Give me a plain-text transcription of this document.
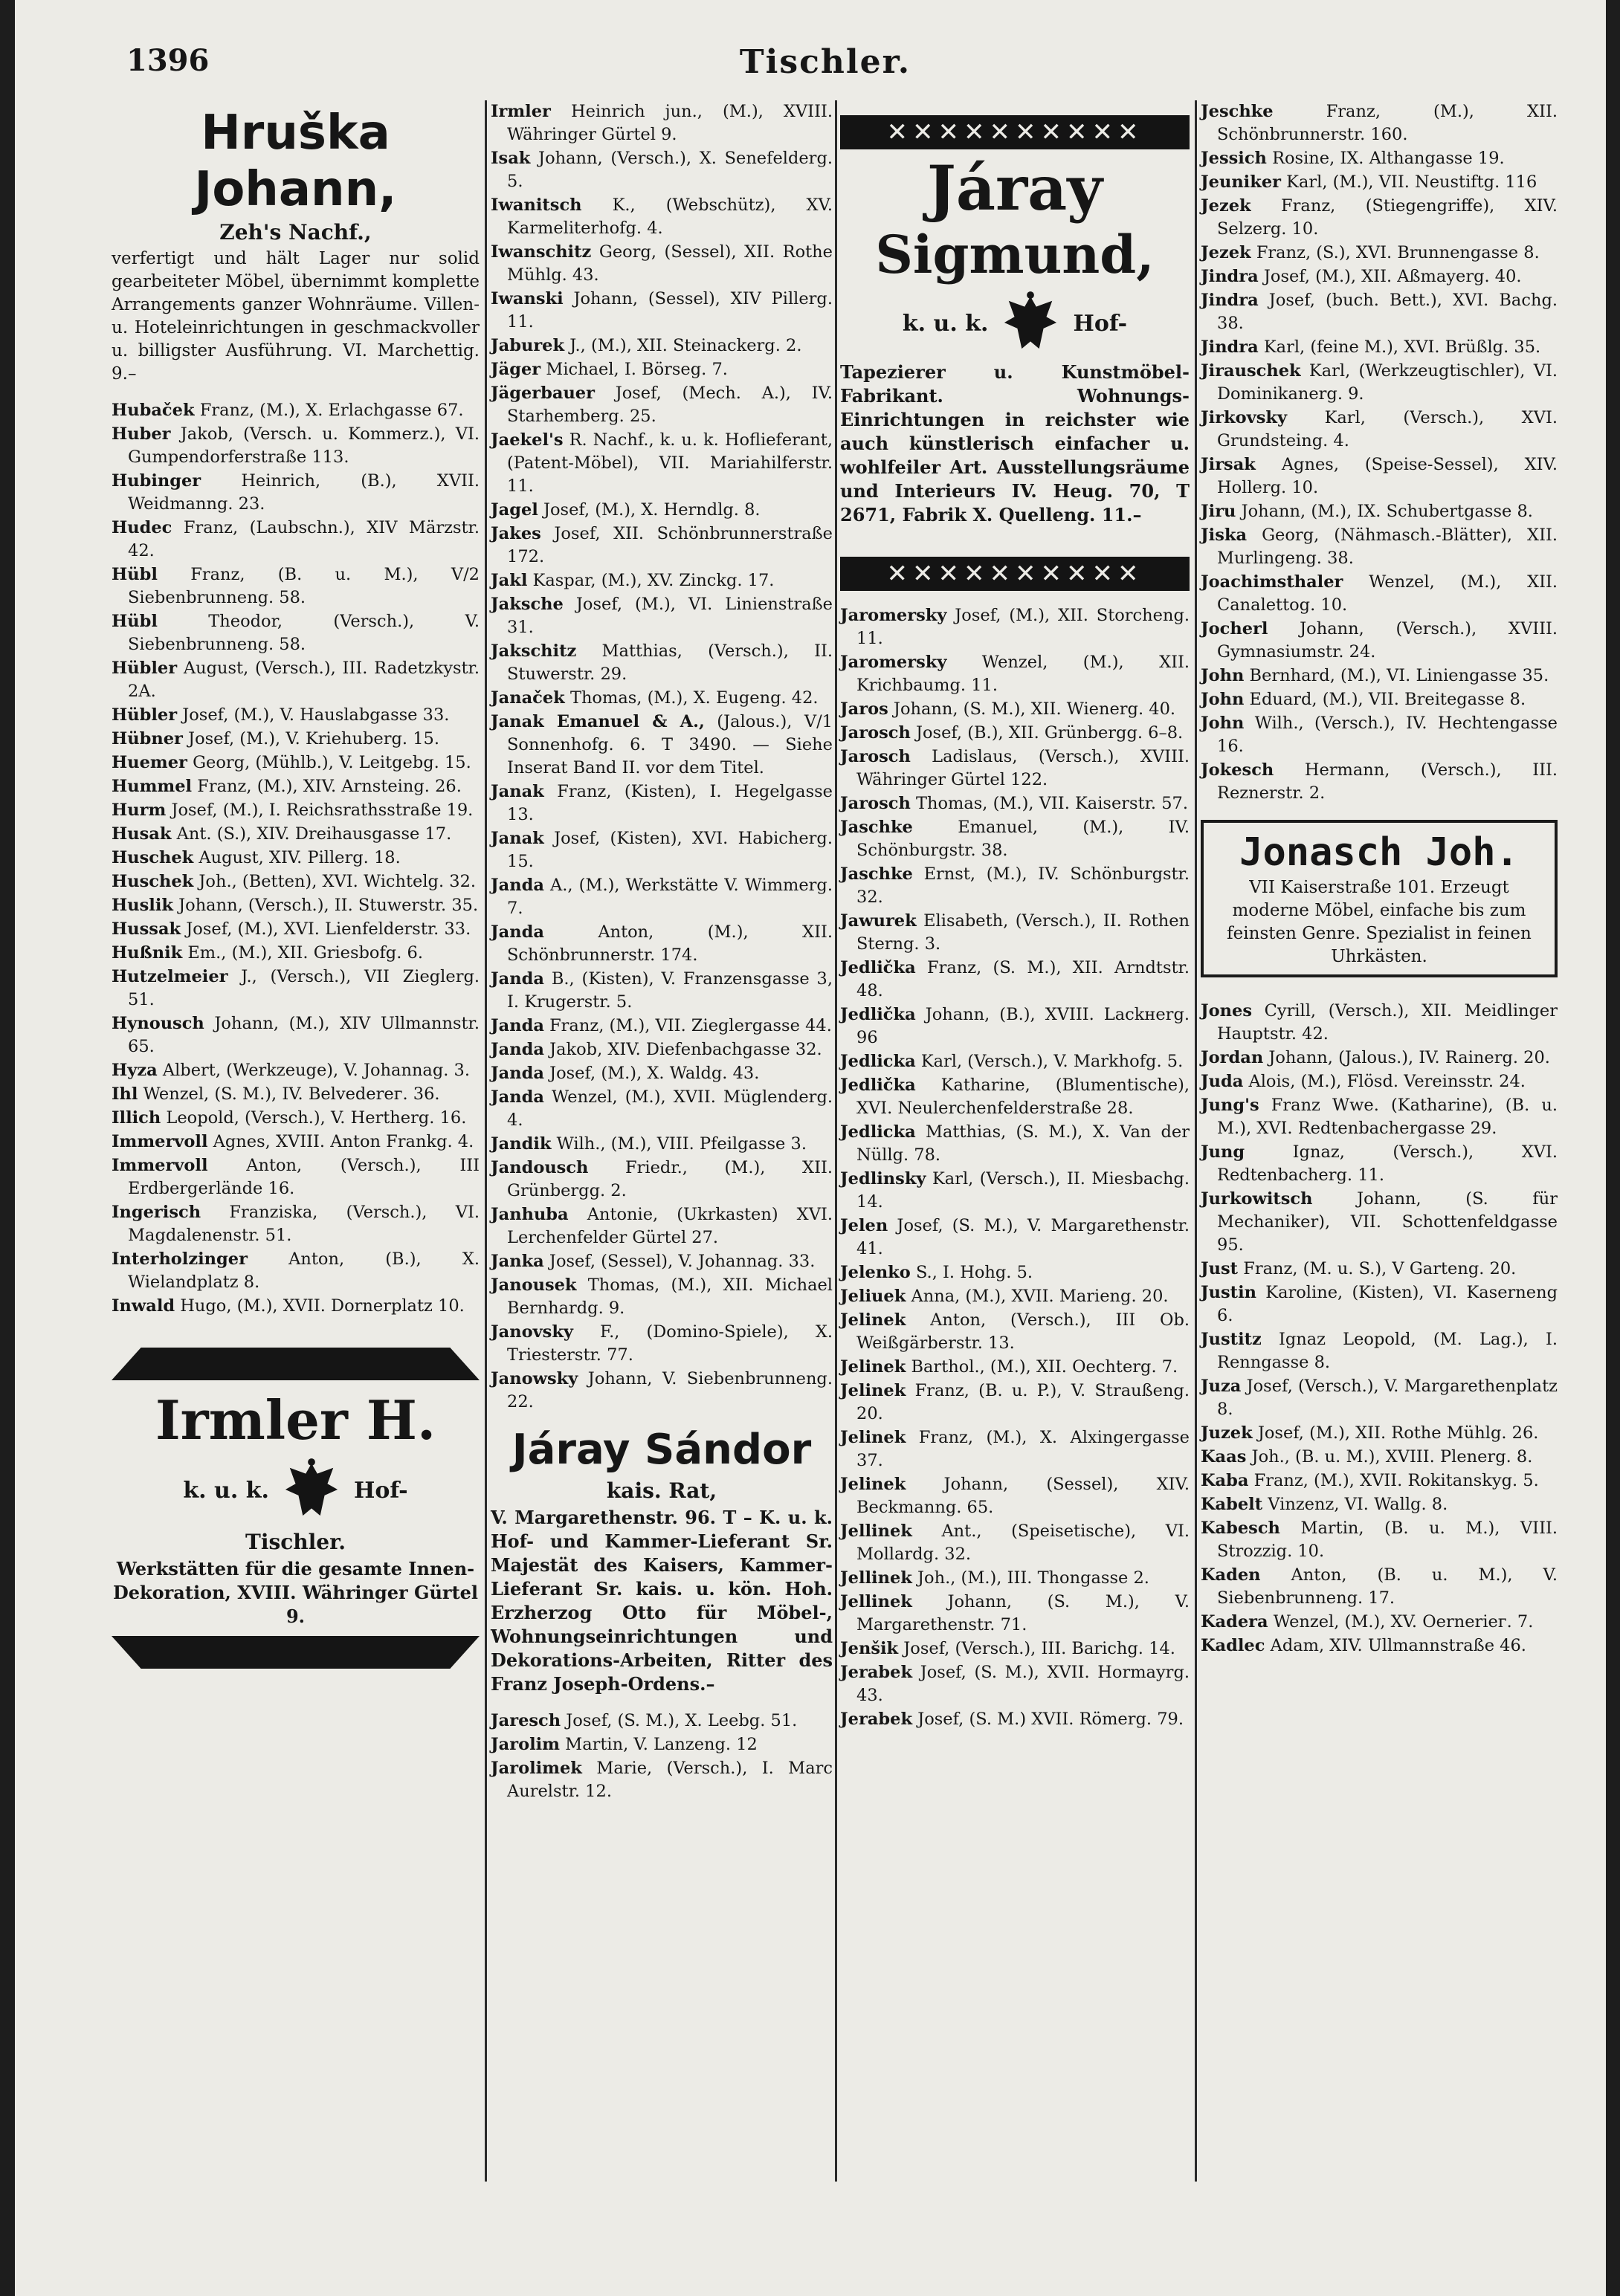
1396	Tischler.
Hruška Johann,
Zeh's Nachf.,
verfertigt und hält Lager nur solid gearbeiteter Möbel, übernimmt komplette Arrangements ganzer Wohnräume. Villen- u. Hoteleinrichtungen in geschmackvoller u. billigster Ausführung. VI. Marchettig. 9.–
Hubaček Franz, (M.), X. Erlachgasse 67.
Huber Jakob, (Versch. u. Kommerz.), VI. Gumpendorferstraße 113.
Hubinger Heinrich, (B.), XVII. Weidmanng. 23.
Hudec Franz, (Laubschn.), XIV Märzstr. 42.
Hübl Franz, (B. u. M.), V/2 Siebenbrunneng. 58.
Hübl	Theodor, (Versch.), V. Siebenbrunneng. 58.
Hübler August, (Versch.), III. Radetzkystr. 2A.
Hübler Josef, (M.), V. Hauslabgasse 33.
Hübner Josef, (M.), V. Kriehuberg. 15.
Huemer Georg, (Mühlb.), V. Leitgebg. 15.
Hummel Franz, (M.), XIV. Arnsteing. 26.
Hurm Josef, (M.), I. Reichsrathsstraße 19.
Husak Ant. (S.), XIV. Dreihausgasse 17.
Huschek August, XIV. Pillerg. 18.
Huschek Joh., (Betten), XVI. Wichtelg. 32.
Huslik Johann, (Versch.), II. Stuwerstr. 35.
Hussak Josef, (M.), XVI. Lienfelderstr. 33.
Hußnik Em., (M.), XII. Griesbofg. 6.
Hutzelmeier J., (Versch.), VII Zieglerg. 51.
Hynousch Johann, (M.), XIV Ullmannstr. 65.
Hyza Albert, (Werkzeuge), V. Johannag. 3.
Ihl Wenzel, (S. M.), IV. Belvederег. 36.
Illich Leopold, (Versch.), V. Hertherg. 16.
Immervoll Agnes, XVIII. Anton Frankg. 4.
Immervoll Anton, (Versch.), III Erdbergerlände 16.
Ingerisch Franziska, (Versch.), VI. Magdalenenstr. 51.
Interholzinger Anton, (B.), X. Wielandplatz 8.
Inwald Hugo, (M.), XVII. Dornerplatz 10.
Irmler H.
k. u. k.	Hof-
Tischler.
Werkstätten für die gesamte Innen-Dekoration, XVIII. Währinger Gürtel 9.
Irmler Heinrich jun., (M.), XVIII. Währinger Gürtel 9.
Isak Johann, (Versch.), X. Senefelderg. 5.
Iwanitsch K., (Webschütz), XV. Karmeliterhofg. 4.
Iwanschitz Georg, (Sessel), XII. Rothe Mühlg. 43.
Iwanski Johann, (Sessel), XIV Pillerg. 11.
Jaburek J., (M.), XII. Steinackerg. 2.
Jäger Michael, I. Börseg. 7.
Jägerbauer Josef, (Mech. A.), IV. Starhemberg. 25.
Jaekel's R. Nachf., k. u. k. Hoflieferant, (Patent-Möbel), VII. Mariahilferstr. 11.
Jagel Josef, (M.), X. Herndlg. 8.
Jakes Josef, XII. Schönbrunnerstraße 172.
Jakl Kaspar, (M.), XV. Zinckg. 17.
Jaksche Josef, (M.), VI. Linienstraße 31.
Jakschitz Matthias, (Versch.), II. Stuwerstr. 29.
Janaček Thomas, (M.), X. Eugeng. 42.
Janak Emanuel & A., (Jalous.), V/1 Sonnenhofg. 6. T 3490. — Siehe Inserat Band II. vor dem Titel.
Janak Franz, (Kisten), I. Hegelgasse 13.
Janak Josef, (Kisten), XVI. Habicherg. 15.
Janda A., (M.), Werkstätte V. Wimmerg. 7.
Janda	Anton, (M.), XII. Schönbrunnerstr. 174.
Janda B., (Kisten), V. Franzensgasse 3, I. Krugerstr. 5.
Janda Franz, (M.), VII. Zieglergasse 44.
Janda Jakob, XIV. Diefenbachgasse 32.
Janda Josef, (M.), X. Waldg. 43.
Janda Wenzel, (M.), XVII. Müglenderg. 4.
Jandik Wilh., (M.), VIII. Pfeilgasse 3.
Jandousch Friedr., (M.), XII. Grünbergg. 2.
Janhuba Antonie, (Ukrkasten) XVI. Lerchenfelder Gürtel 27.
Janka Josef, (Sessel), V. Johannag. 33.
Janousek Thomas, (M.), XII. Michael Bernhardg. 9.
Janovsky F., (Domino-Spiele), X. Triesterstr. 77.
Janowsky Johann, V. Siebenbrunneng. 22.
Járay Sándor
kais. Rat,
V. Margarethenstr. 96. T – K. u. k. Hof- und Kammer-Lieferant Sr. Majestät des Kaisers, Kammer-Lieferant Sr. kais. u. kön. Hoh. Erzherzog Otto für Möbel-, Wohnungseinrichtungen und Dekorations-Arbeiten, Ritter des Franz Joseph-Ordens.–
Jaresch Josef, (S. M.), X. Leebg. 51.
Jarolim Martin, V. Lanzeng. 12
Jarolimek Marie, (Versch.), I. Marc Aurelstr. 12.
✕✕✕✕✕✕✕✕✕✕
Járay
Sigmund,
k. u. k.	Hof-
Tapezierer u. Kunstmöbel-Fabrikant. Wohnungs-Einrichtungen in reichster wie auch künstlerisch einfacher u. wohlfeiler Art. Ausstellungsräume und Interieurs IV. Heug. 70, T 2671, Fabrik X. Quelleng. 11.–
✕✕✕✕✕✕✕✕✕✕
Jaromersky Josef, (M.), XII. Storcheng. 11.
Jaromersky Wenzel, (M.), XII. Krichbaumg. 11.
Jaros Johann, (S. M.), XII. Wienerg. 40.
Jarosch Josef, (B.), XII. Grünbergg. 6–8.
Jarosch Ladislaus, (Versch.), XVIII. Währinger Gürtel 122.
Jarosch Thomas, (M.), VII. Kaiserstr. 57.
Jaschke	Emanuel, (M.), IV. Schönburgstr. 38.
Jaschke Ernst, (M.), IV. Schönburgstr. 32.
Jawurek Elisabeth, (Versch.), II. Rothen Sterng. 3.
Jedlička Franz, (S. M.), XII. Arndtstr. 48.
Jedlička Johann, (B.), XVIII. Lackнerg. 96
Jedlicka Karl, (Versch.), V. Markhofg. 5.
Jedlička Katharine, (Blumentische), XVI. Neulerchenfelderstraße 28.
Jedlicka Matthias, (S. M.), X. Van der Nüllg. 78.
Jedlinsky Karl, (Versch.), II. Miesbachg. 14.
Jelen Josef, (S. M.), V. Margarethenstr. 41.
Jelenko S., I. Hohg. 5.
Jeliuek Anna, (M.), XVII. Marieng. 20.
Jelinek Anton, (Versch.), III Ob. Weißgärberstr. 13.
Jelinek Barthol., (M.), XII. Oechterg. 7.
Jelinek Franz, (B. u. P.), V. Straußeng. 20.
Jelinek Franz, (M.), X. Alxingergasse 37.
Jelinek Johann, (Sessel), XIV. Beckmanng. 65.
Jellinek Ant., (Speisetische), VI. Mollardg. 32.
Jellinek Joh., (M.), III. Thongasse 2.
Jellinek Johann, (S. M.), V. Margarethenstr. 71.
Jenšik Josef, (Versch.), III. Barichg. 14.
Jerabek Josef, (S. M.), XVII. Hormayrg. 43.
Jerabek Josef, (S. M.) XVII. Römerg. 79.
Jeschke	Franz, (M.), XII. Schönbrunnerstr. 160.
Jessich Rosine, IX. Althangasse 19.
Jeuniker Karl, (M.), VII. Neustiftg. 116
Jezek Franz, (Stiegengriffe), XIV. Selzerg. 10.
Jezek Franz, (S.), XVI. Brunnengasse 8.
Jindra Josef, (M.), XII. Aßmayerg. 40.
Jindra Josef, (buch. Bett.), XVI. Bachg. 38.
Jindra Karl, (feine M.), XVI. Brüßlg. 35.
Jirauschek Karl, (Werkzeugtischler), VI. Dominikanerg. 9.
Jirkovsky Karl, (Versch.), XVI. Grundsteing. 4.
Jirsak Agnes, (Speise-Sessel), XIV. Hollerg. 10.
Jiru Johann, (M.), IX. Schubertgasse 8.
Jiska Georg, (Nähmasch.-Blätter), XII. Murlingeng. 38.
Joachimsthaler Wenzel, (M.), XII. Canalettog. 10.
Jocherl Johann, (Versch.), XVIII. Gymnasiumstr. 24.
John Bernhard, (M.), VI. Liniengasse 35.
John Eduard, (M.), VII. Breitegasse 8.
John Wilh., (Versch.), IV. Hechtengasse 16.
Jokesch Hermann, (Versch.), III. Reznerstr. 2.
Jonasch Joh.
VII Kaiserstraße 101. Erzeugt moderne Möbel, einfache bis zum feinsten Genre. Spezialist in feinen Uhrkästen.
Jones Cyrill, (Versch.), XII. Meidlinger Hauptstr. 42.
Jordan Johann, (Jalous.), IV. Rainerg. 20.
Juda Alois, (M.), Flösd. Vereinsstr. 24.
Jung's Franz Wwe. (Katharine), (B. u. M.), XVI. Redtenbachergasse 29.
Jung	Ignaz, (Versch.), XVI. Redtenbacherg. 11.
Jurkowitsch	Johann, (S. für Mechaniker), VII. Schottenfeldgasse 95.
Just Franz, (M. u. S.), V Garteng. 20.
Justin Karoline, (Kisten), VI. Kaserneng 6.
Justitz Ignaz Leopold, (M. Lag.), I. Renngasse 8.
Juza Josef, (Versch.), V. Margarethenplatz 8.
Juzek Josef, (M.), XII. Rothe Mühlg. 26.
Kaas Joh., (B. u. M.), XVIII. Plenerg. 8.
Kaba Franz, (M.), XVII. Rokitanskyg. 5.
Kabelt Vinzenz, VI. Wallg. 8.
Kabesch Martin, (B. u. M.), VIII. Strozzig. 10.
Kaden Anton, (B. u. M.), V. Siebenbrunneng. 17.
Kadera Wenzel, (M.), XV. Oerneriег. 7.
Kadlec Adam, XIV. Ullmannstraße 46.
